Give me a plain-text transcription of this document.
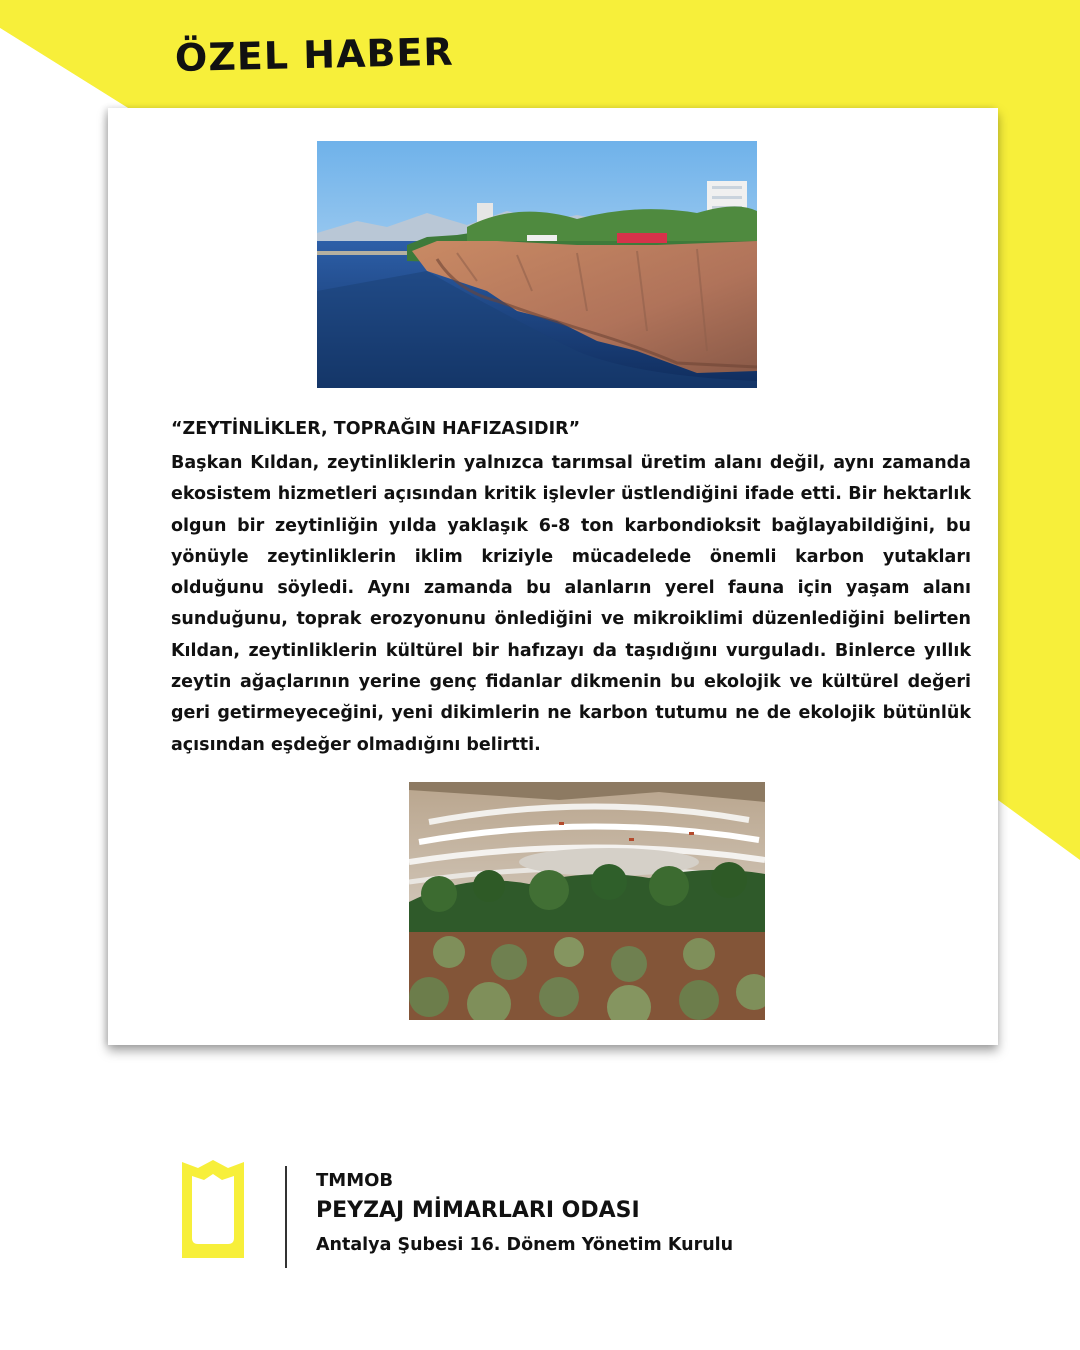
ÖZEL HABER
“ZEYTİNLİKLER, TOPRAĞIN HAFIZASIDIR”

Başkan Kıldan, zeytinliklerin yalnızca tarımsal üretim alanı değil, aynı zamanda ekosistem hizmetleri açısından kritik işlevler üstlendiğini ifade etti. Bir hektarlık olgun bir zeytinliğin yılda yaklaşık 6-8 ton karbondioksit bağlayabildiğini, bu yönüyle zeytinliklerin iklim kriziyle mücadelede önemli karbon yutakları olduğunu söyledi. Aynı zamanda bu alanların yerel fauna için yaşam alanı sunduğunu, toprak erozyonunu önlediğini ve mikroiklimi düzenlediğini belirten Kıldan, zeytinliklerin kültürel bir hafızayı da taşıdığını vurguladı. Binlerce yıllık zeytin ağaçlarının yerine genç fidanlar dikmenin bu ekolojik ve kültürel değeri geri getirmeyeceğini, yeni dikimlerin ne karbon tutumu ne de ekolojik bütünlük açısından eşdeğer olmadığını belirtti.

TMMOB
PEYZAJ MİMARLARI ODASI
Antalya Şubesi 16. Dönem Yönetim Kurulu
